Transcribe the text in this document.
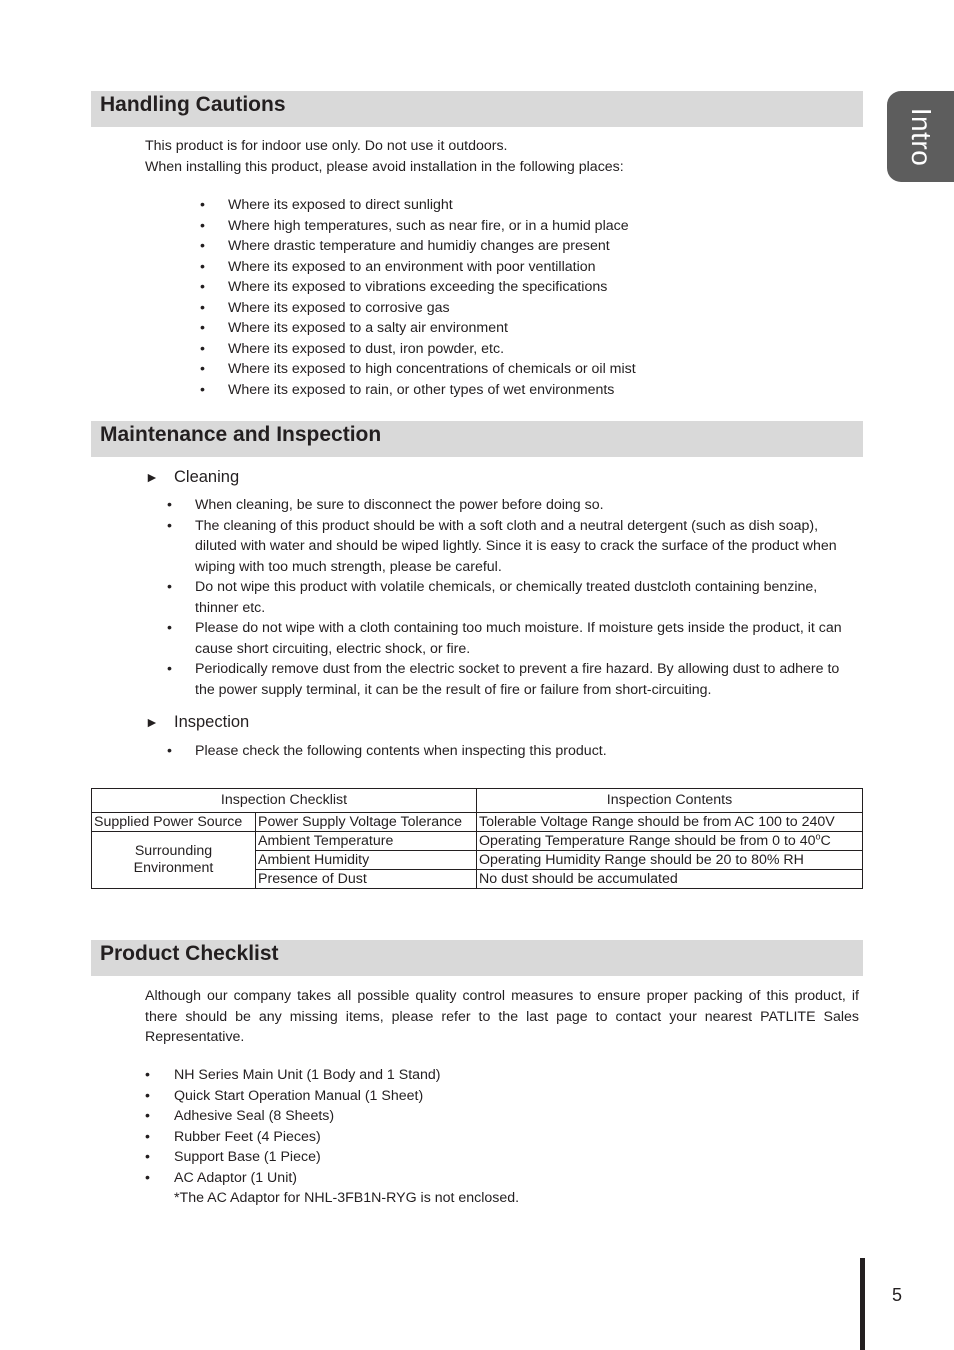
Intro
Handling Cautions
This product is for indoor use only. Do not use it outdoors.
When installing this product, please avoid installation in the following places:
• Where its exposed to direct sunlight
• Where high temperatures, such as near fire, or in a humid place
• Where drastic temperature and humidiy changes are present
• Where its exposed to an environment with poor ventillation
• Where its exposed to vibrations exceeding the specifications
• Where its exposed to corrosive gas
• Where its exposed to a salty air environment
• Where its exposed to dust, iron powder, etc.
• Where its exposed to high concentrations of chemicals or oil mist
• Where its exposed to rain, or other types of wet environments
Maintenance and Inspection
► Cleaning
• When cleaning, be sure to disconnect the power before doing so.
• The cleaning of this product should be with a soft cloth and a neutral detergent (such as dish soap), diluted with water and should be wiped lightly. Since it is easy to crack the surface of the product when wiping with too much strength, please be careful.
• Do not wipe this product with volatile chemicals, or chemically treated dustcloth containing benzine, thinner etc.
• Please do not wipe with a cloth containing too much moisture. If moisture gets inside the product, it can cause short circuiting, electric shock, or fire.
• Periodically remove dust from the electric socket to prevent a fire hazard. By allowing dust to adhere to the power supply terminal, it can be the result of fire or failure from short-circuiting.
► Inspection
• Please check the following contents when inspecting this product.
Inspection Checklist		Inspection Contents
Supplied Power Source	Power Supply Voltage Tolerance	Tolerable Voltage Range should be from AC 100 to 240V

Surrounding
Environment	Ambient Temperature	Operating Temperature Range should be from 0 to 40$^o$C
	Ambient Humidity	Operating Humidity Range should be 20 to 80% RH
	Presence of Dust	No dust should be accumulated
Product Checklist

Although our company takes all possible quality control measures to ensure proper packing of this product, if there should be any missing items, please refer to the last page to contact your nearest PATLITE Sales Representative.

• NH Series Main Unit (1 Body and 1 Stand)
• Quick Start Operation Manual (1 Sheet)
• Adhesive Seal (8 Sheets)
• Rubber Feet (4 Pieces)
• Support Base (1 Piece)
• AC Adaptor (1 Unit)
*The AC Adaptor for NHL-3FB1N-RYG is not enclosed.
5
